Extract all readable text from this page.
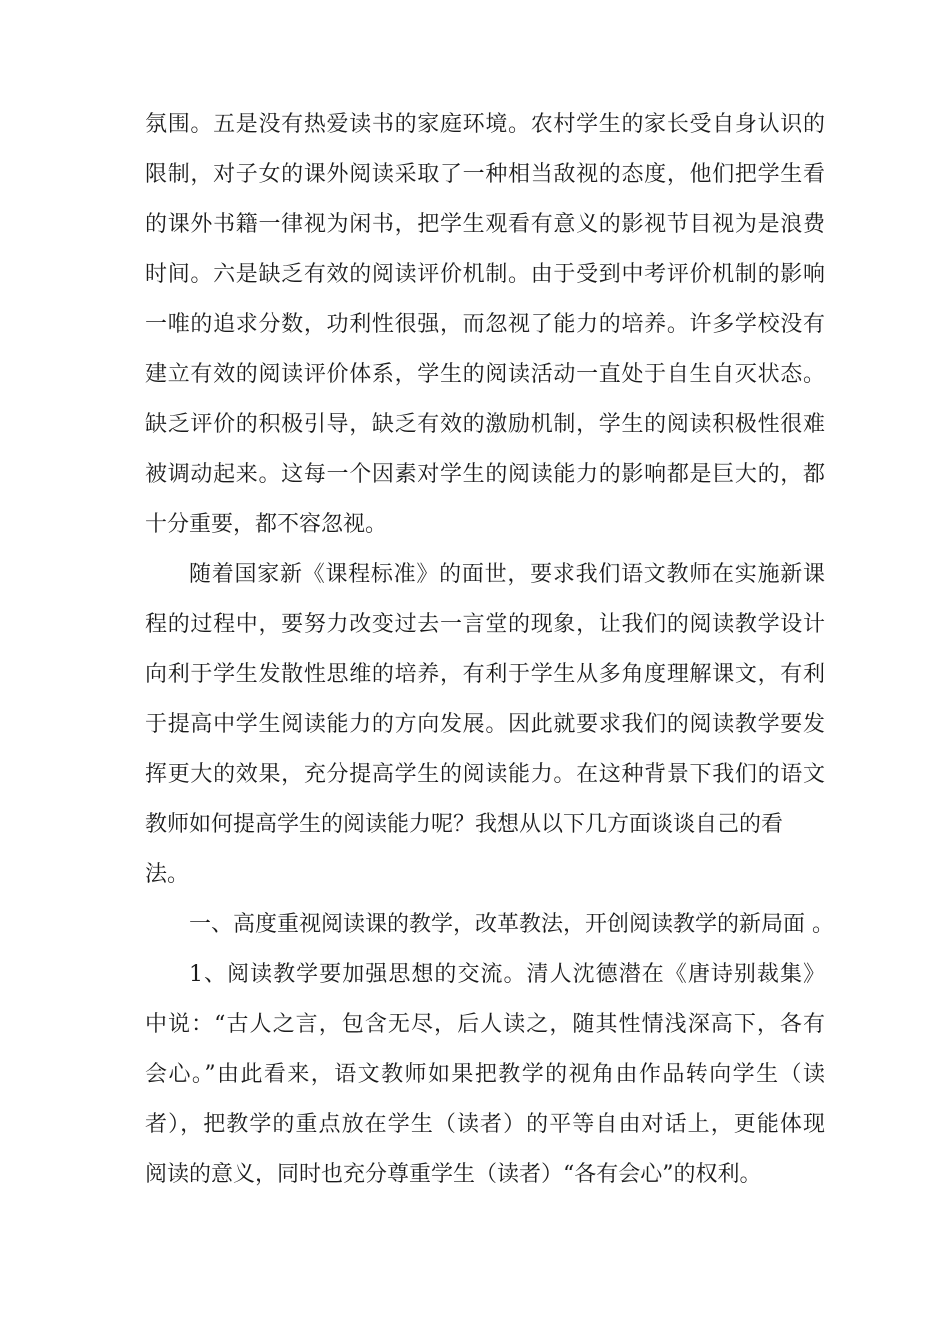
氛围。五是没有热爱读书的家庭环境。农村学生的家长受自身认识的
限制，对子女的课外阅读采取了一种相当敌视的态度，他们把学生看
的课外书籍一律视为闲书，把学生观看有意义的影视节目视为是浪费
时间。六是缺乏有效的阅读评价机制。由于受到中考评价机制的影响
一唯的追求分数，功利性很强，而忽视了能力的培养。许多学校没有
建立有效的阅读评价体系，学生的阅读活动一直处于自生自灭状态。
缺乏评价的积极引导，缺乏有效的激励机制，学生的阅读积极性很难
被调动起来。这每一个因素对学生的阅读能力的影响都是巨大的，都
十分重要，都不容忽视。
随着国家新《课程标准》的面世，要求我们语文教师在实施新课
程的过程中，要努力改变过去一言堂的现象，让我们的阅读教学设计
向利于学生发散性思维的培养，有利于学生从多角度理解课文，有利
于提高中学生阅读能力的方向发展。因此就要求我们的阅读教学要发
挥更大的效果，充分提高学生的阅读能力。在这种背景下我们的语文
教师如何提高学生的阅读能力呢？我想从以下几方面谈谈自己的看
法。
一、高度重视阅读课的教学，改革教法，开创阅读教学的新局面 。
1、阅读教学要加强思想的交流。清人沈德潜在《唐诗别裁集》
中说：“古人之言，包含无尽，后人读之，随其性情浅深高下，各有
会心。”由此看来，语文教师如果把教学的视角由作品转向学生（读
者），把教学的重点放在学生（读者）的平等自由对话上，更能体现
阅读的意义，同时也充分尊重学生（读者）“各有会心”的权利。
